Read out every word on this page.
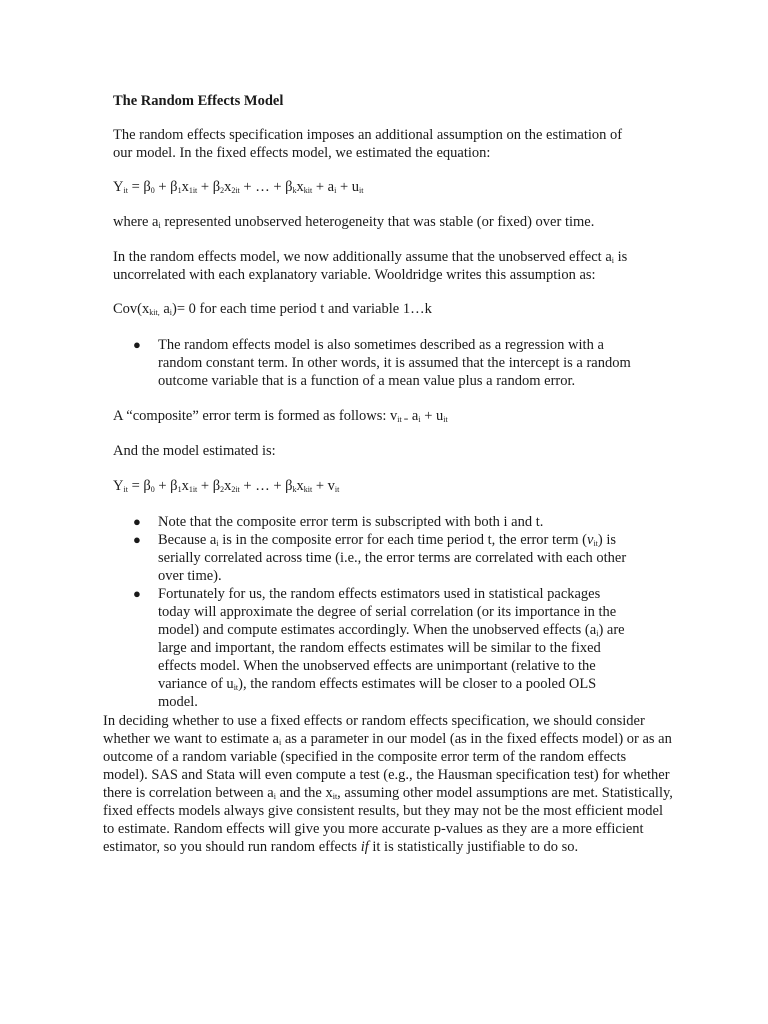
The Random Effects Model

The random effects specification imposes an additional assumption on the estimation of
our model. In the fixed effects model, we estimated the equation:

$Y_{it} = \beta_0 + \beta_1x_{1it} + \beta_2x_{2it}$ + … + $\beta_kx_{kit} + a_i + u_{it}$

where $a_i$ represented unobserved heterogeneity that was stable (or fixed) over time.

In the random effects model, we now additionally assume that the unobserved effect $a_i$ is
uncorrelated with each explanatory variable. Wooldridge writes this assumption as:

$Cov(x_{kit,}$ $a_i)= 0$ for each time period t and variable 1…k

● The random effects model is also sometimes described as a regression with a random constant term. In other words, it is assumed that the intercept is a random outcome variable that is a function of a mean value plus a random error.

A “composite” error term is formed as follows: $v_{it =}$ $a_i + u_{it}$

And the model estimated is:

$Y_{it} = \beta_0 + \beta_1x_{1it} + \beta_2x_{2it}$ + … + $\beta_kx_{kit} + v_{it}$

● Note that the composite error term is subscripted with both i and t.
● Because $a_i$ is in the composite error for each time period t, the error term $(v_{it})$ is serially correlated across time (i.e., the error terms are correlated with each other over time).
● Fortunately for us, the random effects estimators used in statistical packages today will approximate the degree of serial correlation (or its importance in the model) and compute estimates accordingly. When the unobserved effects $(a_i)$ are large and important, the random effects estimates will be similar to the fixed effects model. When the unobserved effects are unimportant (relative to the variance of $u_{it}$), the random effects estimates will be closer to a pooled OLS model.

In deciding whether to use a fixed effects or random effects specification, we should consider whether we want to estimate $a_i$ as a parameter in our model (as in the fixed effects model) or as an outcome of a random variable (specified in the composite error term of the random effects model). SAS and Stata will even compute a test (e.g., the Hausman specification test) for whether there is correlation between $a_i$ and the $x_{it}$, assuming other model assumptions are met. Statistically, fixed effects models always give consistent results, but they may not be the most efficient model to estimate. Random effects will give you more accurate p-values as they are a more efficient estimator, so you should run random effects if it is statistically justifiable to do so.
